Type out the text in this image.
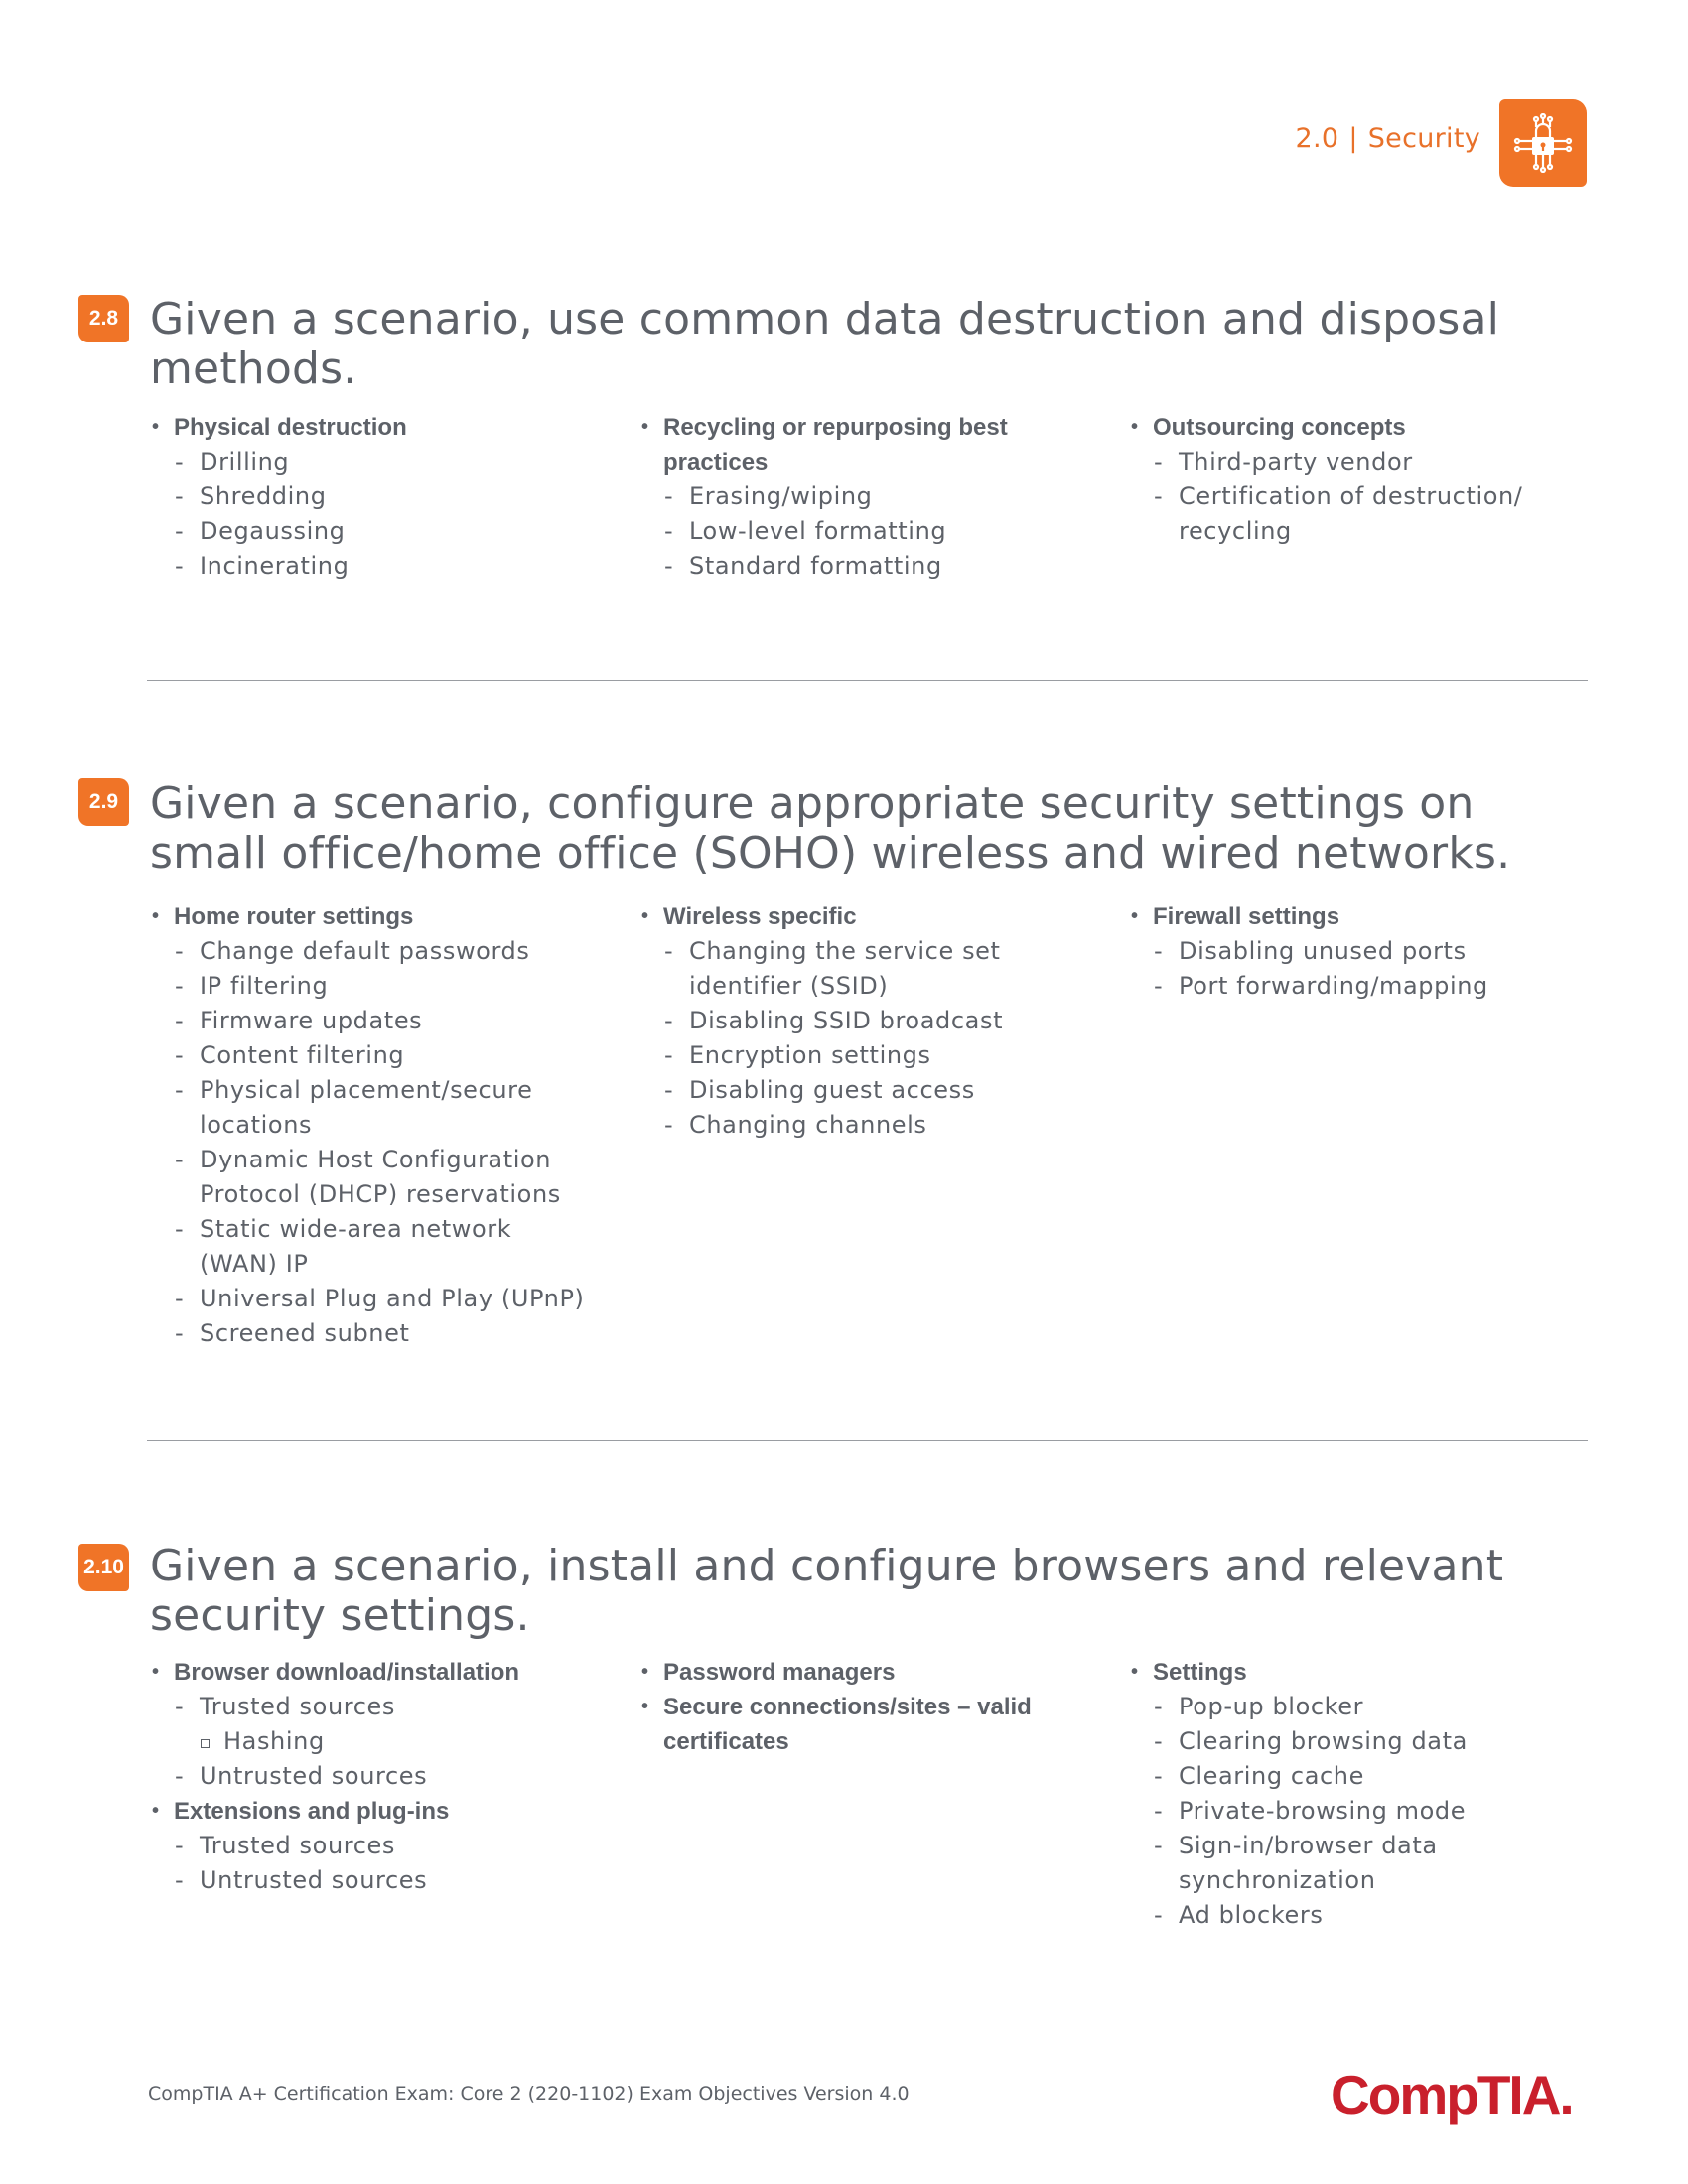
2.0 | Security
2.8 Given a scenario, use common data destruction and disposal methods.
• Physical destruction
- Drilling
- Shredding
- Degaussing
- Incinerating
• Recycling or repurposing best practices
- Erasing/wiping
- Low-level formatting
- Standard formatting
• Outsourcing concepts
- Third-party vendor
- Certification of destruction/ recycling
2.9 Given a scenario, configure appropriate security settings on small office/home office (SOHO) wireless and wired networks.
• Home router settings
- Change default passwords
- IP filtering
- Firmware updates
- Content filtering
- Physical placement/secure locations
- Dynamic Host Configuration Protocol (DHCP) reservations
- Static wide-area network (WAN) IP
- Universal Plug and Play (UPnP)
- Screened subnet
• Wireless specific
- Changing the service set identifier (SSID)
- Disabling SSID broadcast
- Encryption settings
- Disabling guest access
- Changing channels
• Firewall settings
- Disabling unused ports
- Port forwarding/mapping
2.10 Given a scenario, install and configure browsers and relevant security settings.
• Browser download/installation
- Trusted sources
Hashing
- Untrusted sources
• Extensions and plug-ins
- Trusted sources
- Untrusted sources
• Password managers
• Secure connections/sites – valid certificates
• Settings
- Pop-up blocker
- Clearing browsing data
- Clearing cache
- Private-browsing mode
- Sign-in/browser data synchronization
- Ad blockers
CompTIA A+ Certification Exam: Core 2 (220-1102) Exam Objectives Version 4.0	CompTIA.
